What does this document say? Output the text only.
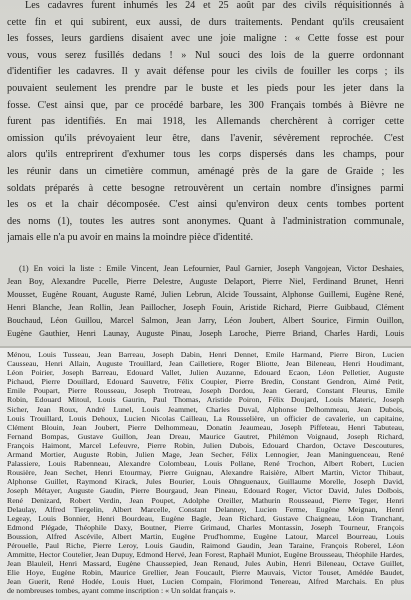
Les cadavres furent inhumés les 24 et 25 août par des civils réquisitionnés à
cette fin et qui subirent, eux aussi, de durs traitements. Pendant qu'ils creusaient
les fosses, leurs gardiens disaient avec une joie maligne : « Cette fosse est pour
vous, vous serez fusillés dedans ! » Nul souci des lois de la guerre ordonnant
d'identifier les cadavres. Il y avait défense pour les civils de fouiller les corps ; ils
pouvaient seulement les prendre par le buste et les pieds pour les jeter dans la
fosse. C'est ainsi que, par ce procédé barbare, les 300 Français tombés à Bièvre ne
furent pas identifiés. En mai 1918, les Allemands cherchèrent à corriger cette
omission qu'ils prévoyaient leur être, dans l'avenir, sévèrement reprochée. C'est
alors qu'ils entreprirent d'exhumer tous les corps dispersés dans les champs, pour
les réunir dans un cimetière commun, aménagé près de la gare de Graide ; les
soldats préparés à cette besogne retrouvèrent un certain nombre d'insignes parmi
les os et la chair décomposée. C'est ainsi qu'environ deux cents tombes portent
des noms (1), toutes les autres sont anonymes. Quant à l'administration communale,
jamais elle n'a pu avoir en mains la moindre pièce d'identité.
(1) En voici la liste : Emile Vincent, Jean Lefournier, Paul Garnier, Joseph Vangojean, Victor Deshaies,
Jean Boy, Alexandre Pucelle, Pierre Delestre, Auguste Delaport, Pierre Niel, Ferdinand Brunet, Henri
Mousset, Eugène Rouant, Auguste Ramé, Julien Lebrun, Alcide Toussaint, Alphonse Guillemi, Eugène René,
Henri Blanche, Jean Rollin, Jean Paillocher, Joseph Fouin, Aristide Richard, Pierre Guibbaud, Clément
Bouchaud, Léon Guillou, Marcel Salmon, Jean Jarry, Léon Joubert, Albert Sourice, Firmin Ouillon,
Eugène Gauthier, Henri Launay, Auguste Pinau, Joseph Laroche, Pierre Briand, Charles Hardi, Louis
Ménou, Louis Tusseau, Jean Barreau, Joseph Dabin, Henri Dennet, Emile Harmand, Pierre Biron, Lucien
Causseau, Henri Allain, Auguste Trouillard, Jean Cailletiere, Roger Bliotte, Jean Bileneau, Henri Houdimant,
Léon Poirier, Joseph Barreau, Edouard Vallet, Julien Auzanne, Edouard Ecaon, Léon Pelletier, Auguste
Pichaud, Pierre Douillard, Edouard Sauvetre, Félix Coupier, Pierre Bredin, Constant Gendron, Aimé Petit,
Emile Poupart, Pierre Rousseau, Joseph Trotreau, Joseph Dordou, Jean Gerard, Constant Fleurus, Emile
Robin, Edouard Mitoul, Louis Gaurin, Paul Thomas, Aristide Poiron, Félix Doujard, Louis Materic, Joseph
Sicher, Jean Roux, André Lunel, Louis Jeammet, Charles Duval, Alphonse Delhommeau, Jean Dubois,
Louis Trouillard, Louis Dehoux, Lucien Nicolas Cailleau, La Rousselière, un officier de cavalerie, un capitaine,
Clément Blouin, Jean Joubert, Pierre Delhommeau, Donatin Jeaumeau, Joseph Piffeteau, Henri Tabuteau,
Fernand Bompas, Gustave Guillon, Jean Dreau, Maurice Gautret, Philémon Voignaud, Joseph Richard,
François Haimont, Marcel Lefeuvre, Pierre Robin, Julien Dubois, Edouard Chardon, Octave Descoutures,
Armand Mortier, Auguste Robin, Julien Mage, Jean Secher, Félix Lennogier, Jean Maninguenceau, René
Palassiere, Louis Rabenneau, Alexandre Colombeau, Louis Pollane, René Trochon, Albert Robert, Lucien
Rousière, Jean Sechet, Henri Etourmay, Pierre Guignau, Alexandre Raisière, Albert Martin, Victor Thibaut,
Alphonse Guillet, Raymond Kirack, Jules Bourier, Louis Ohnguenaux, Guillaume Morelle, Joseph David,
Joseph Métayer, Auguste Gaudin, Pierre Bourgaud, Jean Pineau, Edouard Roger, Victor David, Jules Dolbois,
René Denizard, Robert Verdin, Jean Poupet, Adolphe Oreiller, Mathurin Rousseaud, Pierre Teger, Henri
Delaulay, Alfred Tiergelin, Albert Marcelle, Constant Delanney, Lucien Ferme, Eugène Meignan, Henri
Legeay, Louis Bonnier, Henri Bourdeau, Eugène Bagle, Jean Richard, Gustave Chaigneau, Léon Tranchant,
Edmond Plégade, Théophile Daxy, Boutner, Pierre Grimaud, Charles Montassin, Joseph Tourneur, François
Boussion, Alfred Ascévile, Albert Martin, Eugène Prud'homme, Eugène Latour, Marcel Bourreau, Louis
Pérouelle, Paul Riche, Pierre Leroy, Louis Gaudin, Raimond Gaudin, Jean Taraine, François Roberel, Léon
Ammitte, Hector Coutelier, Jean Dupuy, Edmond Hervé, Jean Forest, Raphaël Muniot, Eugène Brousseau, Théophile Hardes,
Jean Blauleil, Henri Massard, Eugène Chaussepied, Jean Renaud, Jules Aubin, Henri Bileneau, Octave Guillet,
Elie Hoye, Eugène Robin, Maurice Grellier, Jean Foucault, Pierre Mauvais, Victor Touset, Amédée Baudet,
Jean Guerit, René Hodée, Louis Huet, Lucien Compain, Florimond Tenereau, Alfred Marchais. En plus
de nombreuses tombes, ayant comme inscription : « Un soldat français ».
